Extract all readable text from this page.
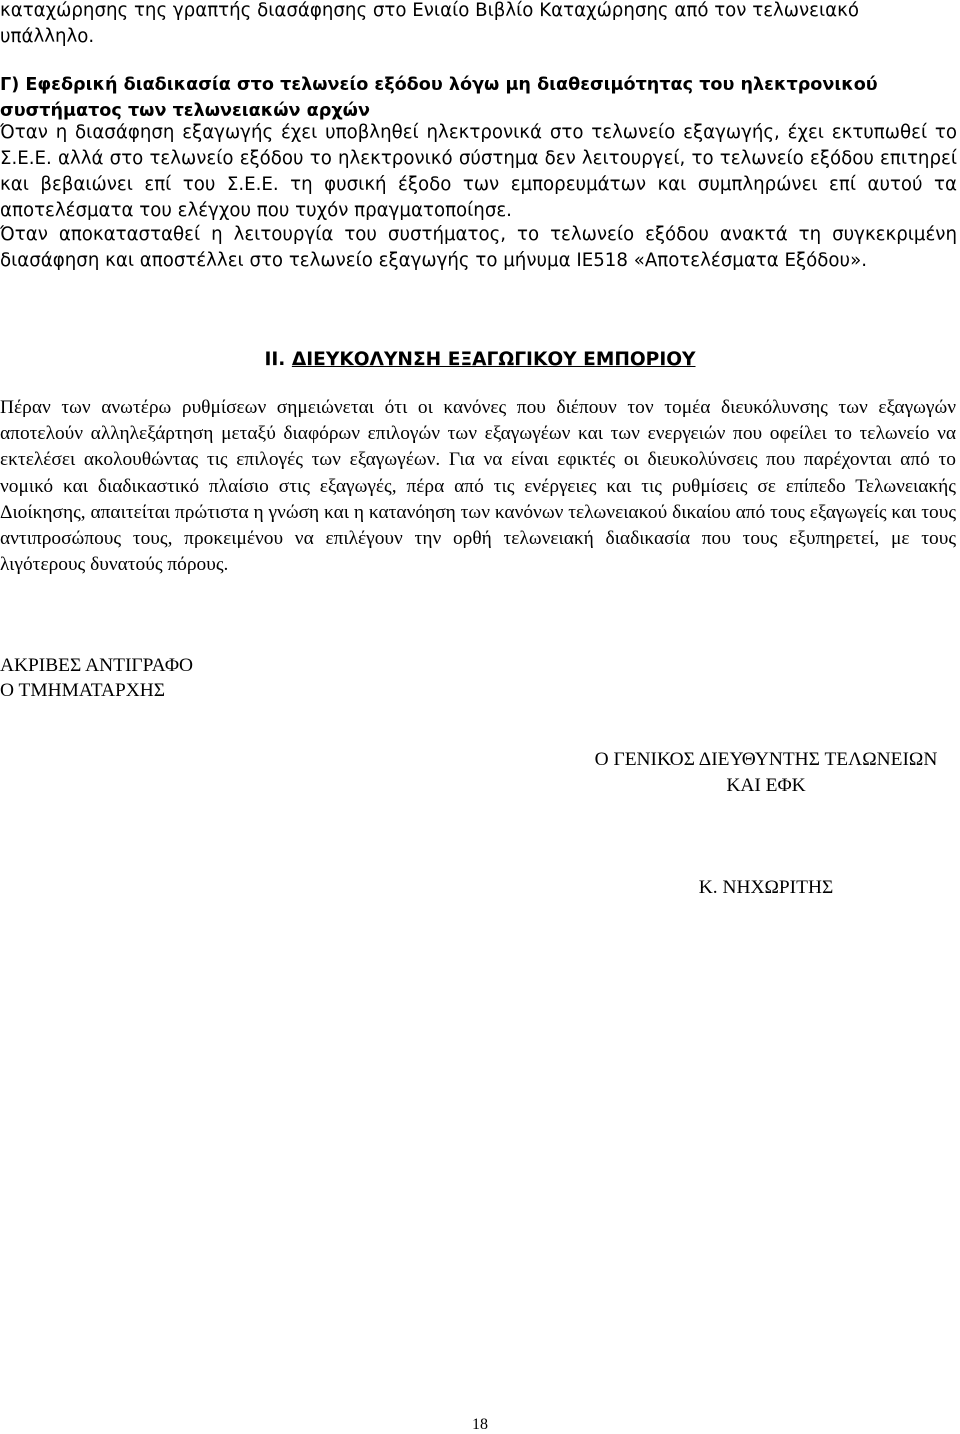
καταχώρησης της γραπτής διασάφησης στο Ενιαίο Βιβλίο Καταχώρησης από τον τελωνειακό υπάλληλο.

Γ) Εφεδρική διαδικασία στο τελωνείο εξόδου λόγω μη διαθεσιμότητας του ηλεκτρονικού συστήματος των τελωνειακών αρχών

Όταν η διασάφηση εξαγωγής έχει υποβληθεί ηλεκτρονικά στο τελωνείο εξαγωγής, έχει εκτυπωθεί το Σ.Ε.Ε. αλλά στο τελωνείο εξόδου το ηλεκτρονικό σύστημα δεν λειτουργεί, το τελωνείο εξόδου επιτηρεί και βεβαιώνει επί του Σ.Ε.Ε. τη φυσική έξοδο των εμπορευμάτων και συμπληρώνει επί αυτού τα αποτελέσματα του ελέγχου που τυχόν πραγματοποίησε.

Όταν αποκατασταθεί η λειτουργία του συστήματος, το τελωνείο εξόδου ανακτά τη συγκεκριμένη διασάφηση και αποστέλλει στο τελωνείο εξαγωγής το μήνυμα IE518 «Αποτελέσματα Εξόδου».

ΙΙ. ΔΙΕΥΚΟΛΥΝΣΗ ΕΞΑΓΩΓΙΚΟΥ ΕΜΠΟΡΙΟΥ

Πέραν των ανωτέρω ρυθμίσεων σημειώνεται ότι οι κανόνες που διέπουν τον τομέα διευκόλυνσης των εξαγωγών αποτελούν αλληλεξάρτηση μεταξύ διαφόρων επιλογών των εξαγωγέων και των ενεργειών που οφείλει το τελωνείο να εκτελέσει ακολουθώντας τις επιλογές των εξαγωγέων. Για να είναι εφικτές οι διευκολύνσεις που παρέχονται από το νομικό και διαδικαστικό πλαίσιο στις εξαγωγές, πέρα από τις ενέργειες και τις ρυθμίσεις σε επίπεδο Τελωνειακής Διοίκησης, απαιτείται πρώτιστα η γνώση και η κατανόηση των κανόνων τελωνειακού δικαίου από τους εξαγωγείς και τους αντιπροσώπους τους, προκειμένου να επιλέγουν την ορθή τελωνειακή διαδικασία που τους εξυπηρετεί, με τους λιγότερους δυνατούς πόρους.

ΑΚΡΙΒΕΣ ΑΝΤΙΓΡΑΦΟ
Ο ΤΜΗΜΑΤΑΡΧΗΣ
Ο ΓΕΝΙΚΟΣ ΔΙΕΥΘΥΝΤΗΣ ΤΕΛΩΝΕΙΩΝ
ΚΑΙ ΕΦΚ
Κ. ΝΗΧΩΡΙΤΗΣ
18
